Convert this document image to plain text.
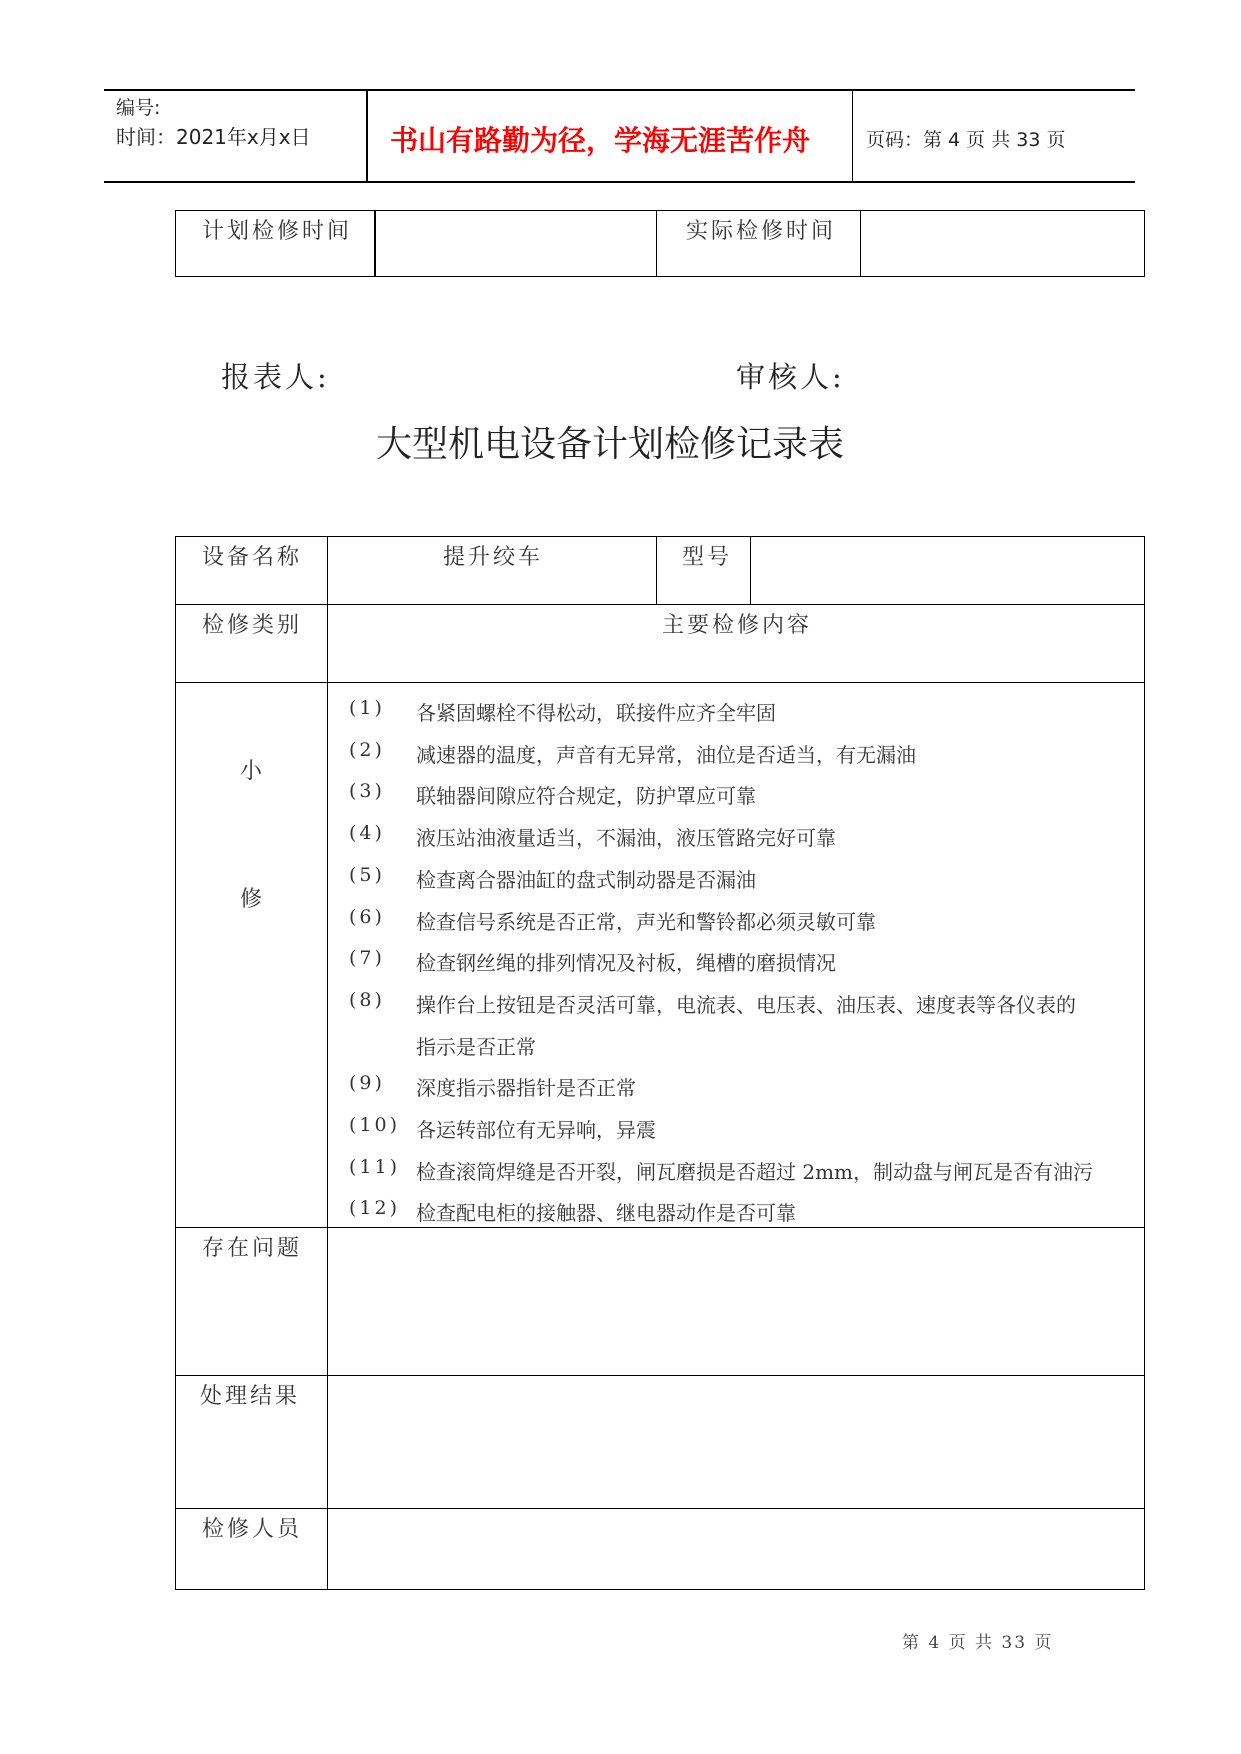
编号:
时间：2021年x月x日	书山有路勤为径，学海无涯苦作舟	页码：第 4 页 共 33 页
计划检修时间	实际检修时间
报表人:	审核人:
大型机电设备计划检修记录表
设备名称	提升绞车	型号
检修类别	主要检修内容
小
修
(1) 各紧固螺栓不得松动，联接件应齐全牢固
(2) 减速器的温度，声音有无异常，油位是否适当，有无漏油
(3) 联轴器间隙应符合规定，防护罩应可靠
(4) 液压站油液量适当，不漏油，液压管路完好可靠
(5) 检查离合器油缸的盘式制动器是否漏油
(6) 检查信号系统是否正常，声光和警铃都必须灵敏可靠
(7) 检查钢丝绳的排列情况及衬板，绳槽的磨损情况
(8) 操作台上按钮是否灵活可靠，电流表、电压表、油压表、速度表等各仪表的
指示是否正常
(9) 深度指示器指针是否正常
(10) 各运转部位有无异响，异震
(11) 检查滚筒焊缝是否开裂，闸瓦磨损是否超过 2mm，制动盘与闸瓦是否有油污
(12) 检查配电柜的接触器、继电器动作是否可靠
存在问题
处理结果
检修人员
第 4 页 共 33 页
